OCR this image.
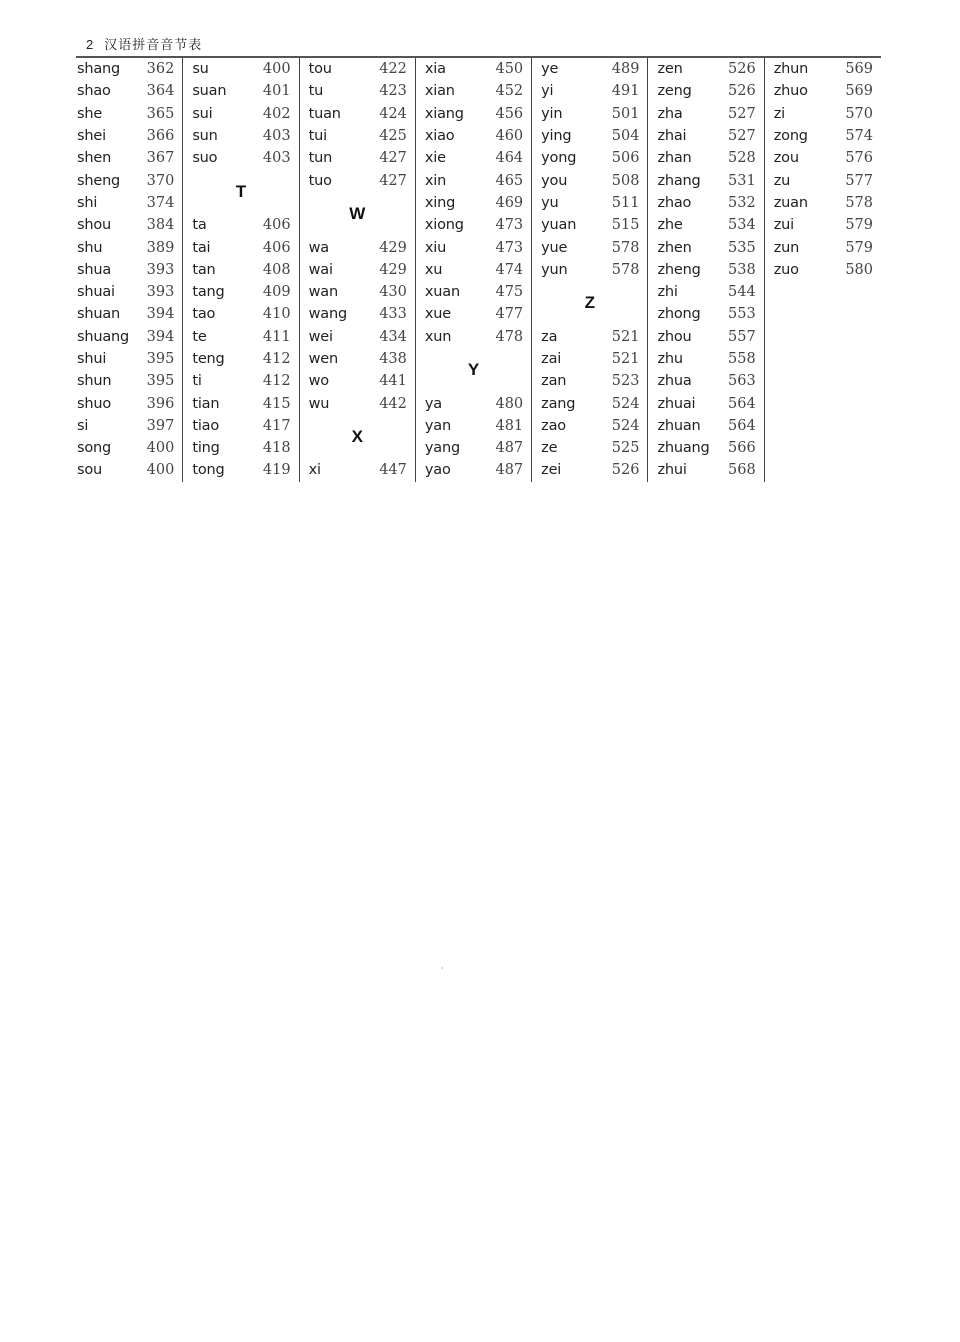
2 汉语拼音音节表
shang 362
shao 364
she	365
shei	366
shen 367
sheng 370
shi	374
shou 384
shu	389
shua 393
shuai 393
shuan 394
shuang 394
shui	395
shun 395
shuo 396
si	397
song 400
sou	400
su	400
suan	401
sui	402
sun	403
suo	403
T
ta	406
tai	406
tan	408
tang	409
tao	410
te	411
teng	412
ti	412
tian	415
tiao	417
ting	418
tong	419
tou	422
tu	423
tuan	424
tui	425
tun	427
tuo	427
W
wa	429
wai	429
wan	430
wang 433
wei	434
wen	438
wo	441
wu	442
X
xi	447
xia	450
xian	452
xiang 456
xiao	460
xie	464
xin	465
xing	469
xiong 473
xiu	473
xu	474
xuan 475
xue	477
xun	478
Y
ya	480
yan	481
yang 487
yao	487
ye	489
yi	491
yin	501
ying	504
yong 506
you	508
yu	511
yuan 515
yue	578
yun	578
Z
za	521
zai	521
zan	523
zang	524
zao	524
ze	525
zei	526
zen	526
zeng	526
zha	527
zhai	527
zhan	528
zhang 531
zhao	532
zhe	534
zhen	535
zheng 538
zhi	544
zhong 553
zhou	557
zhu	558
zhua	563
zhuai 564
zhuan 564
zhuang 566
zhui	568
zhun	569
zhuo	569
zi	570
zong	574
zou	576
zu	577
zuan	578
zui	579
zun	579
zuo	580
